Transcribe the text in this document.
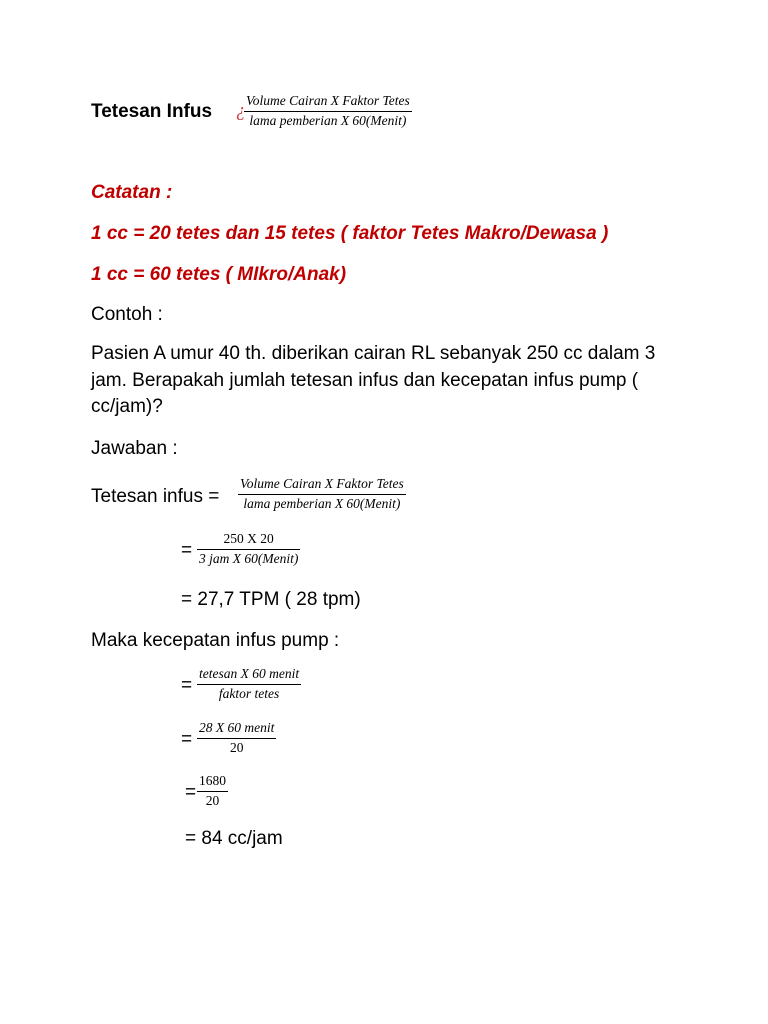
Tetesan Infus ¿ Volume Cairan X Faktor Tetes
lama pemberian X 60(Menit)
Catatan :
1 cc = 20 tetes dan 15 tetes ( faktor Tetes Makro/Dewasa )
1 cc = 60 tetes ( MIkro/Anak)
Contoh :
Pasien A umur 40 th. diberikan cairan RL sebanyak 250 cc dalam 3 jam. Berapakah jumlah tetesan infus dan kecepatan infus pump ( cc/jam)?
Jawaban :
Tetesan infus =
Volume Cairan X Faktor Tetes
lama pemberian X 60(Menit)
=
250 X 20
3 jam X 60(Menit)
= 27,7 TPM ( 28 tpm)
Maka kecepatan infus pump :
=
tetesan X 60 menit
faktor tetes
=
28 X 60 menit
20
= $\frac{1680}{20}$
= 84 cc/jam
